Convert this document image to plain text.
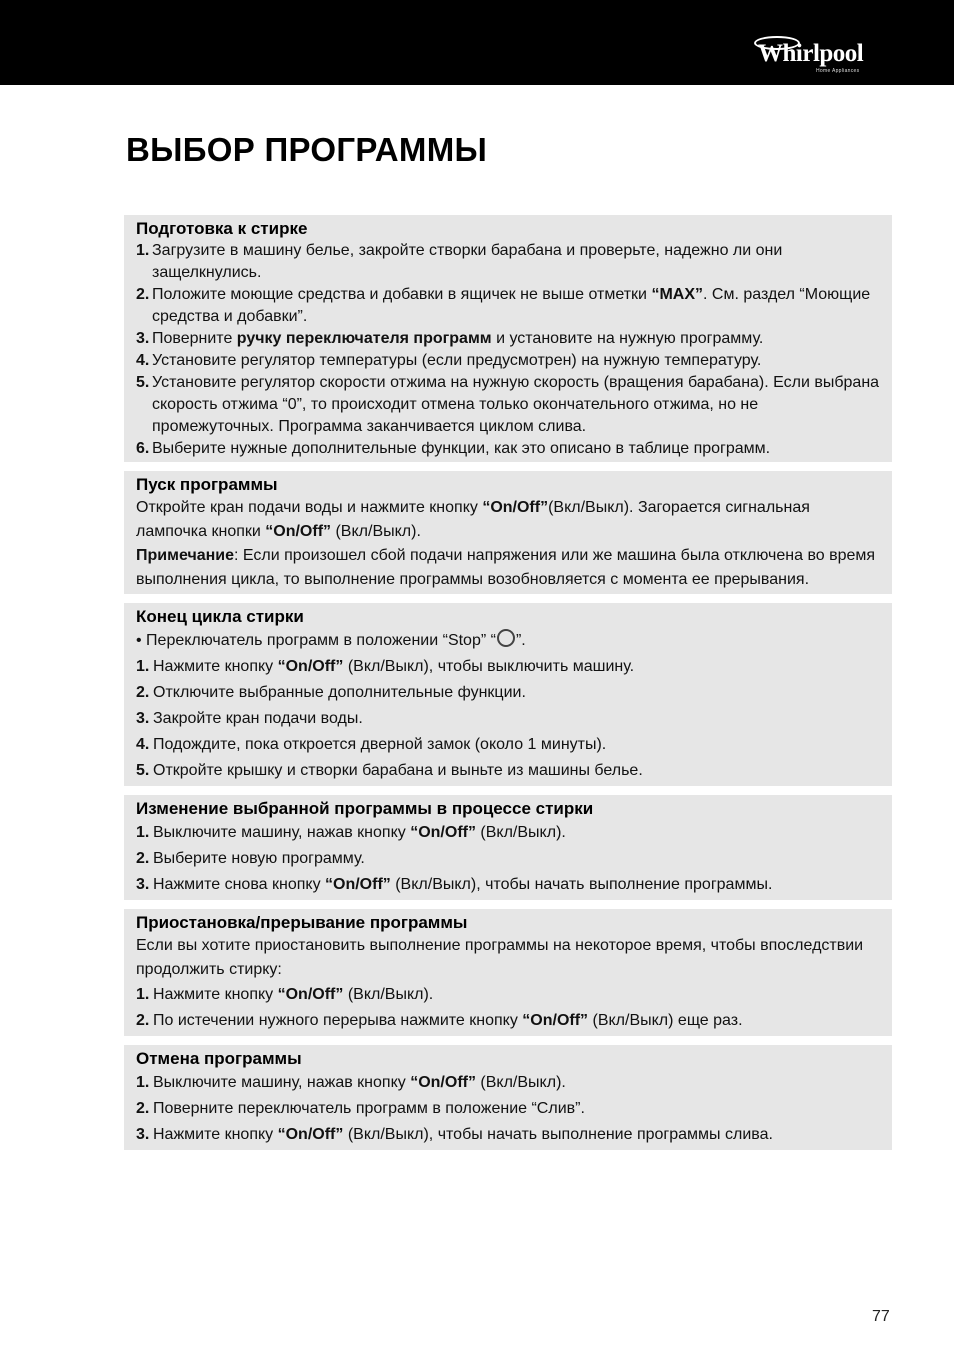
Whirlpool
Home Appliances
ВЫБОР ПРОГРАММЫ
Подготовка к стирке
1. Загрузите в машину белье, закройте створки барабана и проверьте, надежно ли они защелкнулись.
2. Положите моющие средства и добавки в ящичек не выше отметки “MAX”. См. раздел “Моющие средства и добавки”.
3. Поверните ручку переключателя программ и установите на нужную программу.
4. Установите регулятор температуры (если предусмотрен) на нужную температуру.
5. Установите регулятор скорости отжима на нужную скорость (вращения барабана). Если выбрана скорость отжима “0”, то происходит отмена только окончательного отжима, но не промежуточных. Программа заканчивается циклом слива.
6. Выберите нужные дополнительные функции, как это описано в таблице программ.
Пуск программы
Откройте кран подачи воды и нажмите кнопку “On/Off”(Вкл/Выкл). Загорается сигнальная лампочка кнопки “On/Off” (Вкл/Выкл).
Примечание: Если произошел сбой подачи напряжения или же машина была отключена во время выполнения цикла, то выполнение программы возобновляется с момента ее прерывания.
Конец цикла стирки
• Переключатель программ в положении “Stop” “ ”.
1. Нажмите кнопку “On/Off” (Вкл/Выкл), чтобы выключить машину.
2. Отключите выбранные дополнительные функции.
3. Закройте кран подачи воды.
4. Подождите, пока откроется дверной замок (около 1 минуты).
5. Откройте крышку и створки барабана и выньте из машины белье.
Изменение выбранной программы в процессе стирки
1. Выключите машину, нажав кнопку “On/Off” (Вкл/Выкл).
2. Выберите новую программу.
3. Нажмите снова кнопку “On/Off” (Вкл/Выкл), чтобы начать выполнение программы.
Приостановка/прерывание программы
Если вы хотите приостановить выполнение программы на некоторое время, чтобы впоследствии продолжить стирку:
1. Нажмите кнопку “On/Off” (Вкл/Выкл).
2. По истечении нужного перерыва нажмите кнопку “On/Off” (Вкл/Выкл) еще раз.
Отмена программы
1. Выключите машину, нажав кнопку “On/Off” (Вкл/Выкл).
2. Поверните переключатель программ в положение “Слив”.
3. Нажмите кнопку “On/Off” (Вкл/Выкл), чтобы начать выполнение программы слива.
77
